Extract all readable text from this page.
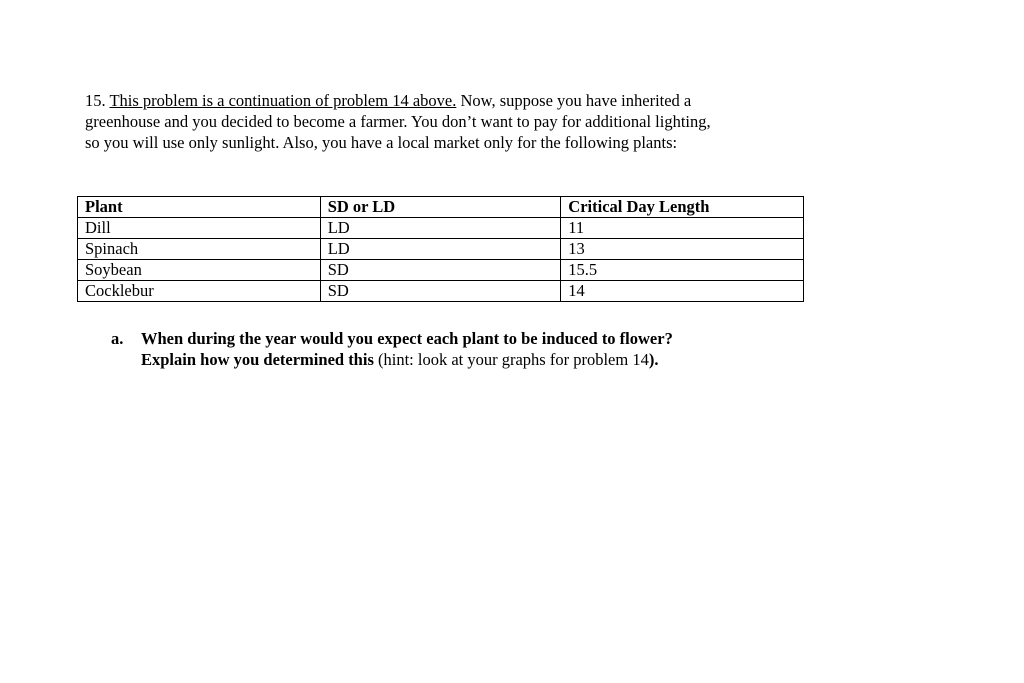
15. This problem is a continuation of problem 14 above. Now, suppose you have inherited a
greenhouse and you decided to become a farmer. You don’t want to pay for additional lighting,
so you will use only sunlight. Also, you have a local market only for the following plants:
Plant	SD or LD	Critical Day Length
Dill	LD	11
Spinach	LD	13
Soybean	SD	15.5
Cocklebur	SD	14
a. When during the year would you expect each plant to be induced to flower?
Explain how you determined this (hint: look at your graphs for problem 14).
